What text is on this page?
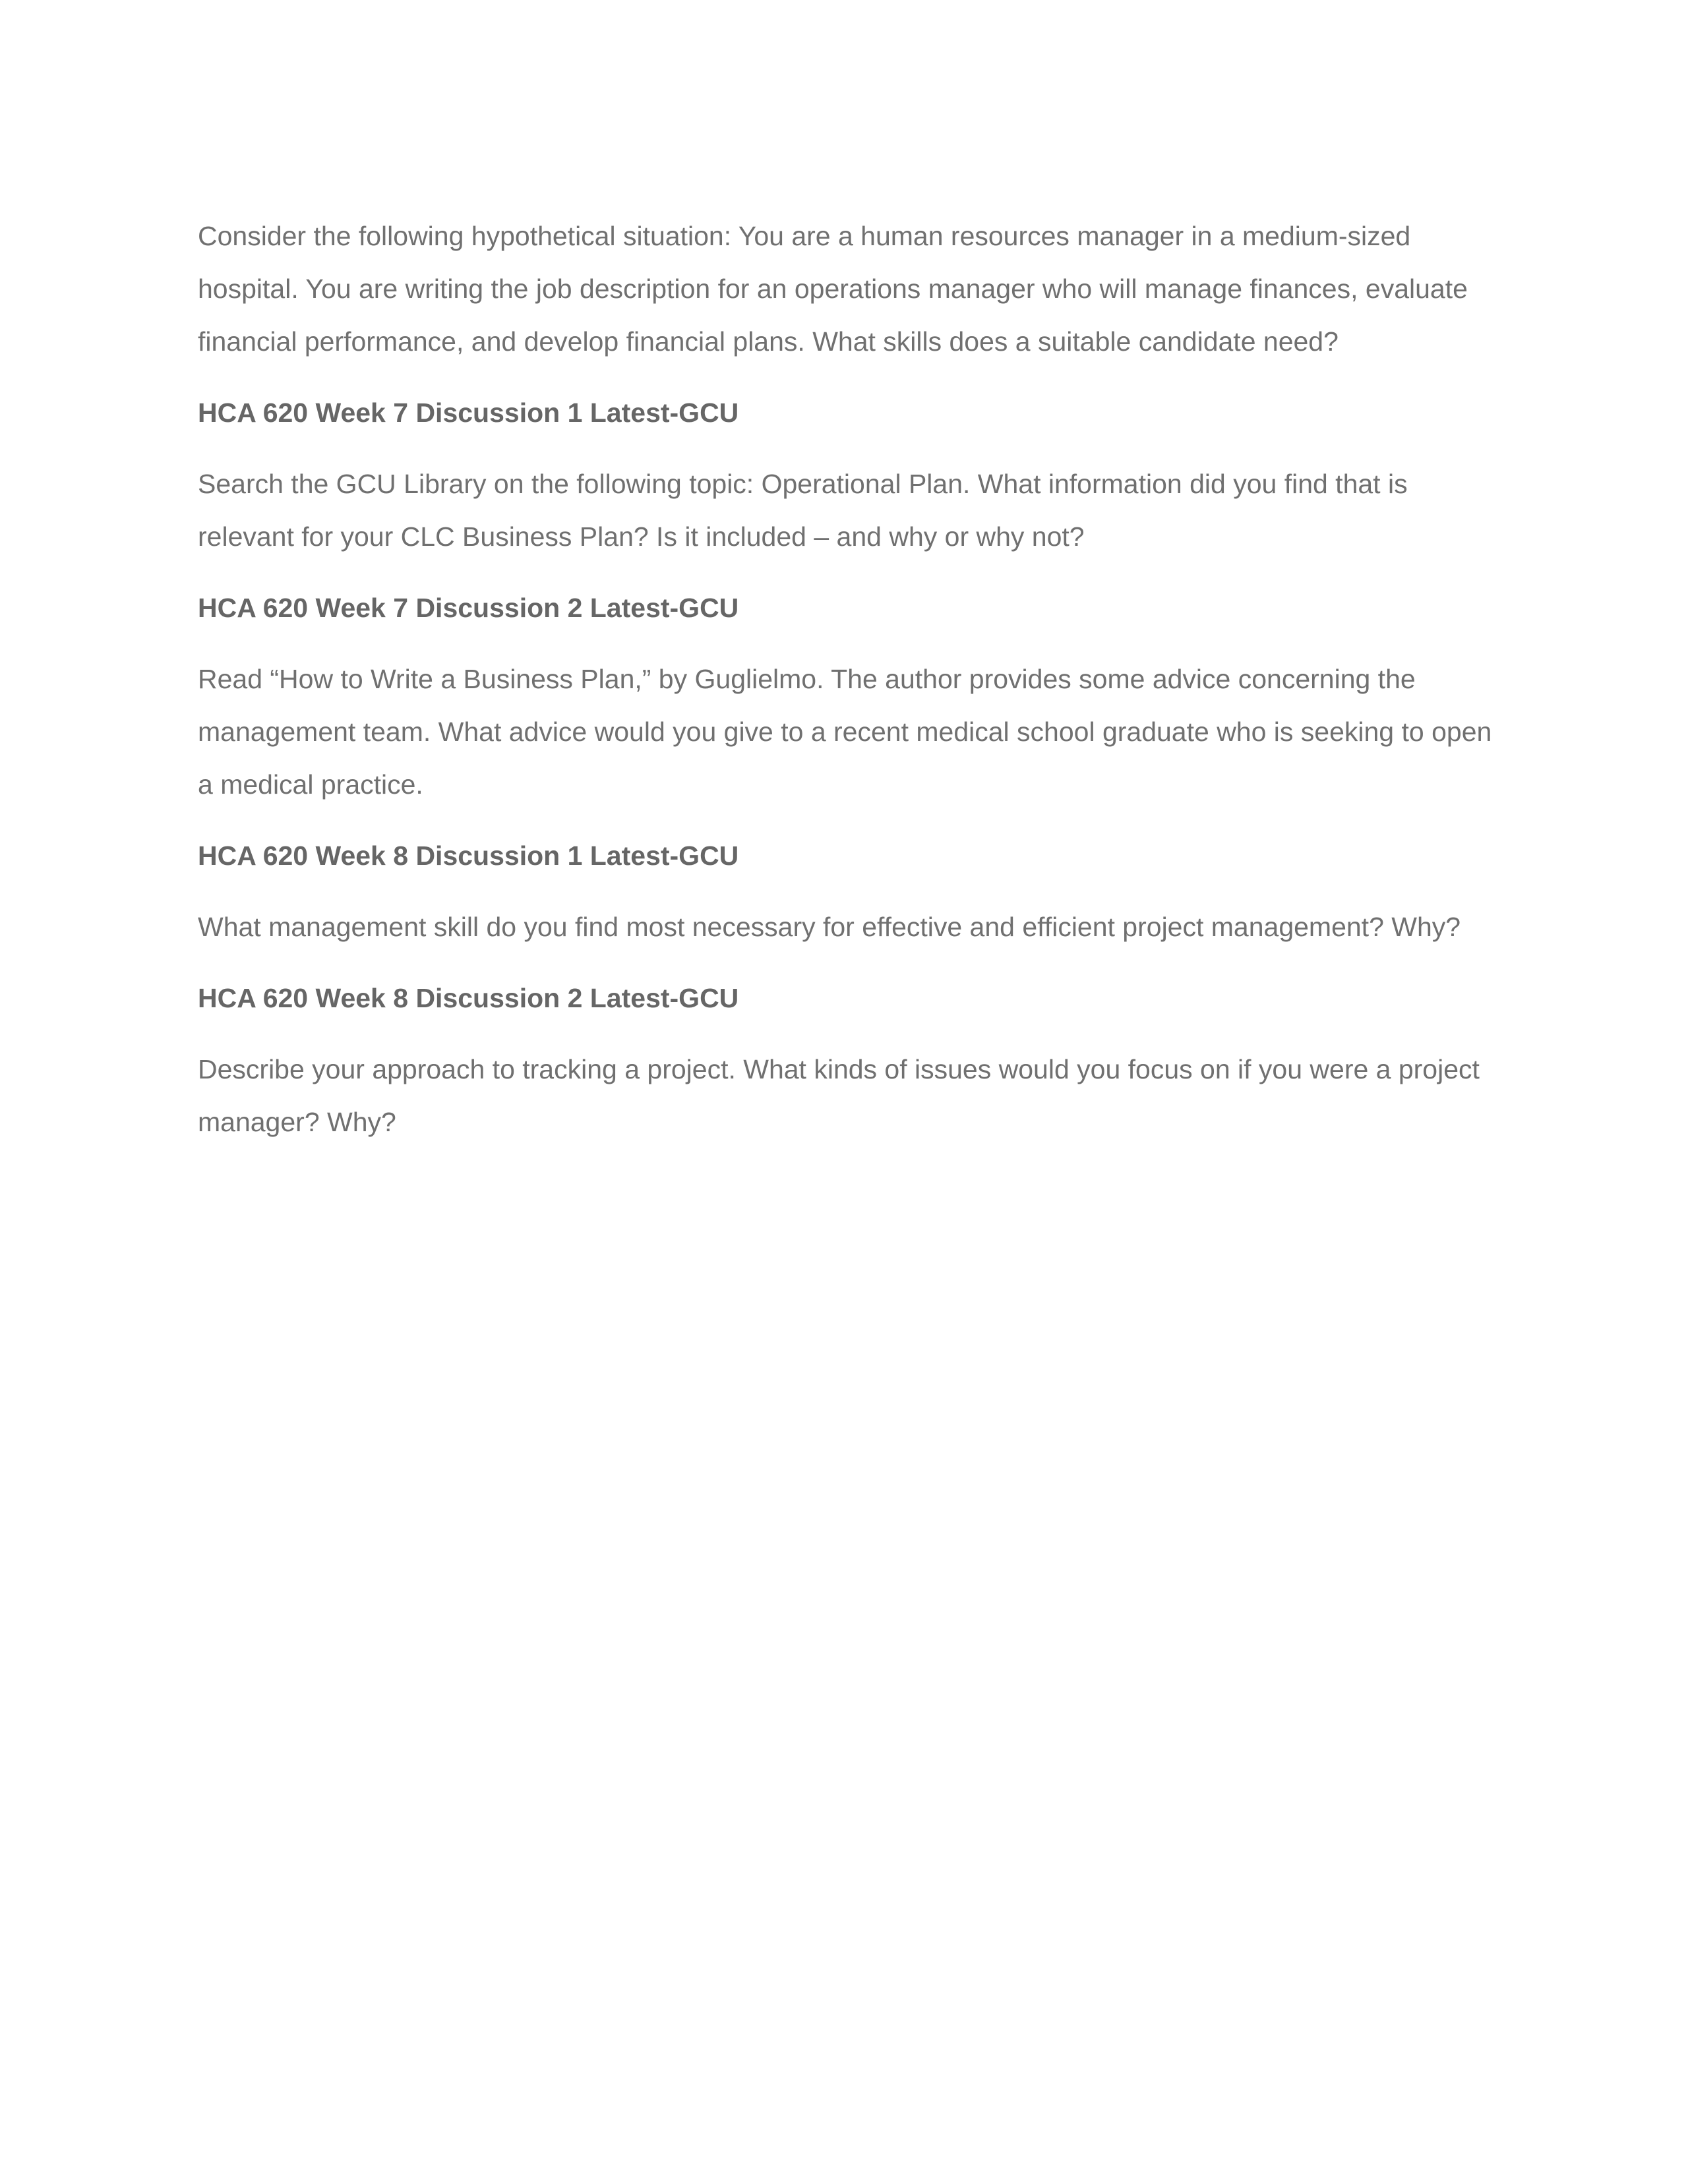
Consider the following hypothetical situation: You are a human resources manager in a medium-sized hospital. You are writing the job description for an operations manager who will manage finances, evaluate financial performance, and develop financial plans. What skills does a suitable candidate need?

HCA 620 Week 7 Discussion 1 Latest-GCU

Search the GCU Library on the following topic: Operational Plan. What information did you find that is relevant for your CLC Business Plan? Is it included – and why or why not?

HCA 620 Week 7 Discussion 2 Latest-GCU

Read “How to Write a Business Plan,” by Guglielmo. The author provides some advice concerning the management team. What advice would you give to a recent medical school graduate who is seeking to open a medical practice.

HCA 620 Week 8 Discussion 1 Latest-GCU

What management skill do you find most necessary for effective and efficient project management? Why?

HCA 620 Week 8 Discussion 2 Latest-GCU

Describe your approach to tracking a project. What kinds of issues would you focus on if you were a project manager? Why?
